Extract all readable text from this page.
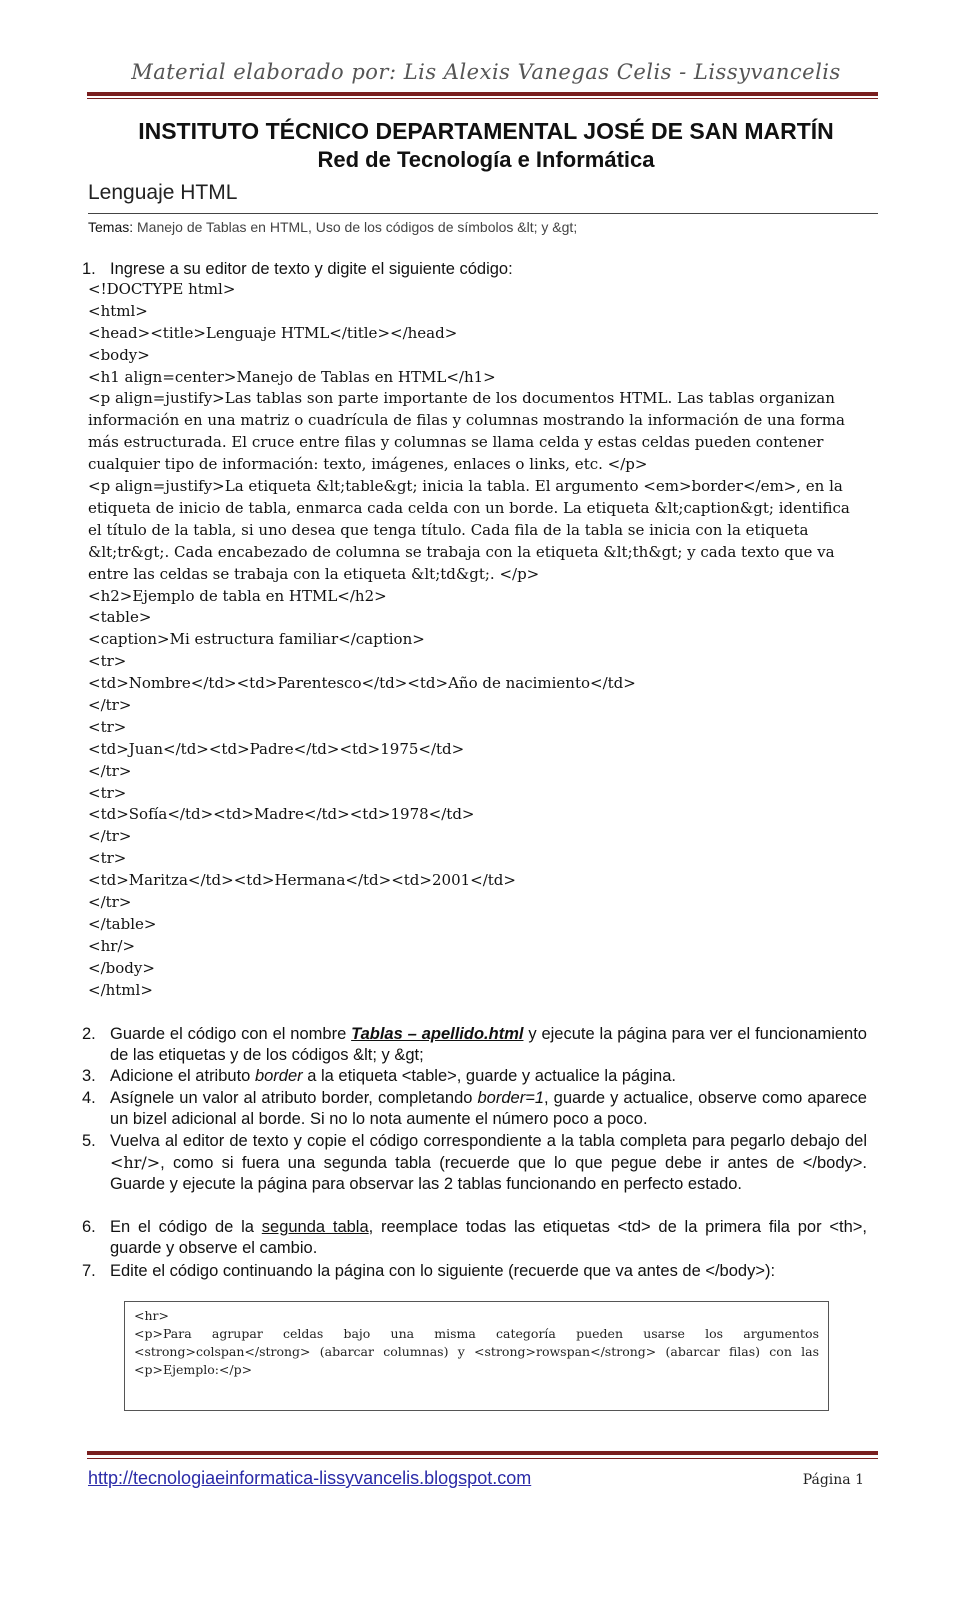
Material elaborado por: Lis Alexis Vanegas Celis - Lissyvancelis
INSTITUTO TÉCNICO DEPARTAMENTAL JOSÉ DE SAN MARTÍN
Red de Tecnología e Informática
Lenguaje HTML
Temas: Manejo de Tablas en HTML, Uso de los códigos de símbolos &lt; y &gt;
1. Ingrese a su editor de texto y digite el siguiente código:
<!DOCTYPE html>
<html>
<head><title>Lenguaje HTML</title></head>
<body>
<h1 align=center>Manejo de Tablas en HTML</h1>
<p align=justify>Las tablas son parte importante de los documentos HTML. Las tablas organizan información en una matriz o cuadrícula de filas y columnas mostrando la información de una forma más estructurada. El cruce entre filas y columnas se llama celda y estas celdas pueden contener cualquier tipo de información: texto, imágenes, enlaces o links, etc. </p>
<p align=justify>La etiqueta &lt;table&gt; inicia la tabla. El argumento <em>border</em>, en la etiqueta de inicio de tabla, enmarca cada celda con un borde. La etiqueta &lt;caption&gt; identifica el título de la tabla, si uno desea que tenga título. Cada fila de la tabla se inicia con la etiqueta &lt;tr&gt;. Cada encabezado de columna se trabaja con la etiqueta &lt;th&gt; y cada texto que va entre las celdas se trabaja con la etiqueta &lt;td&gt;. </p>
<h2>Ejemplo de tabla en HTML</h2>
<table>
<caption>Mi estructura familiar</caption>
<tr>
<td>Nombre</td><td>Parentesco</td><td>Año de nacimiento</td>
</tr>
<tr>
<td>Juan</td><td>Padre</td><td>1975</td>
</tr>
<tr>
<td>Sofía</td><td>Madre</td><td>1978</td>
</tr>
<tr>
<td>Maritza</td><td>Hermana</td><td>2001</td>
</tr>
</table>
<hr/>
</body>
</html>
2. Guarde el código con el nombre Tablas – apellido.html y ejecute la página para ver el funcionamiento de las etiquetas y de los códigos &lt; y &gt;
3. Adicione el atributo border a la etiqueta <table>, guarde y actualice la página.
4. Asígnele un valor al atributo border, completando border=1, guarde y actualice, observe como aparece un bizel adicional al borde. Si no lo nota aumente el número poco a poco.
5. Vuelva al editor de texto y copie el código correspondiente a la tabla completa para pegarlo debajo del <hr/>, como si fuera una segunda tabla (recuerde que lo que pegue debe ir antes de </body>. Guarde y ejecute la página para observar las 2 tablas funcionando en perfecto estado.
6. En el código de la segunda tabla, reemplace todas las etiquetas <td> de la primera fila por <th>, guarde y observe el cambio.
7. Edite el código continuando la página con lo siguiente (recuerde que va antes de </body>):
<hr>
<p>Para agrupar celdas bajo una misma categoría pueden usarse los argumentos <strong>colspan</strong> (abarcar columnas) y <strong>rowspan</strong> (abarcar filas) con las
<p>Ejemplo:</p>
http://tecnologiaeinformatica-lissyvancelis.blogspot.com	Página 1
